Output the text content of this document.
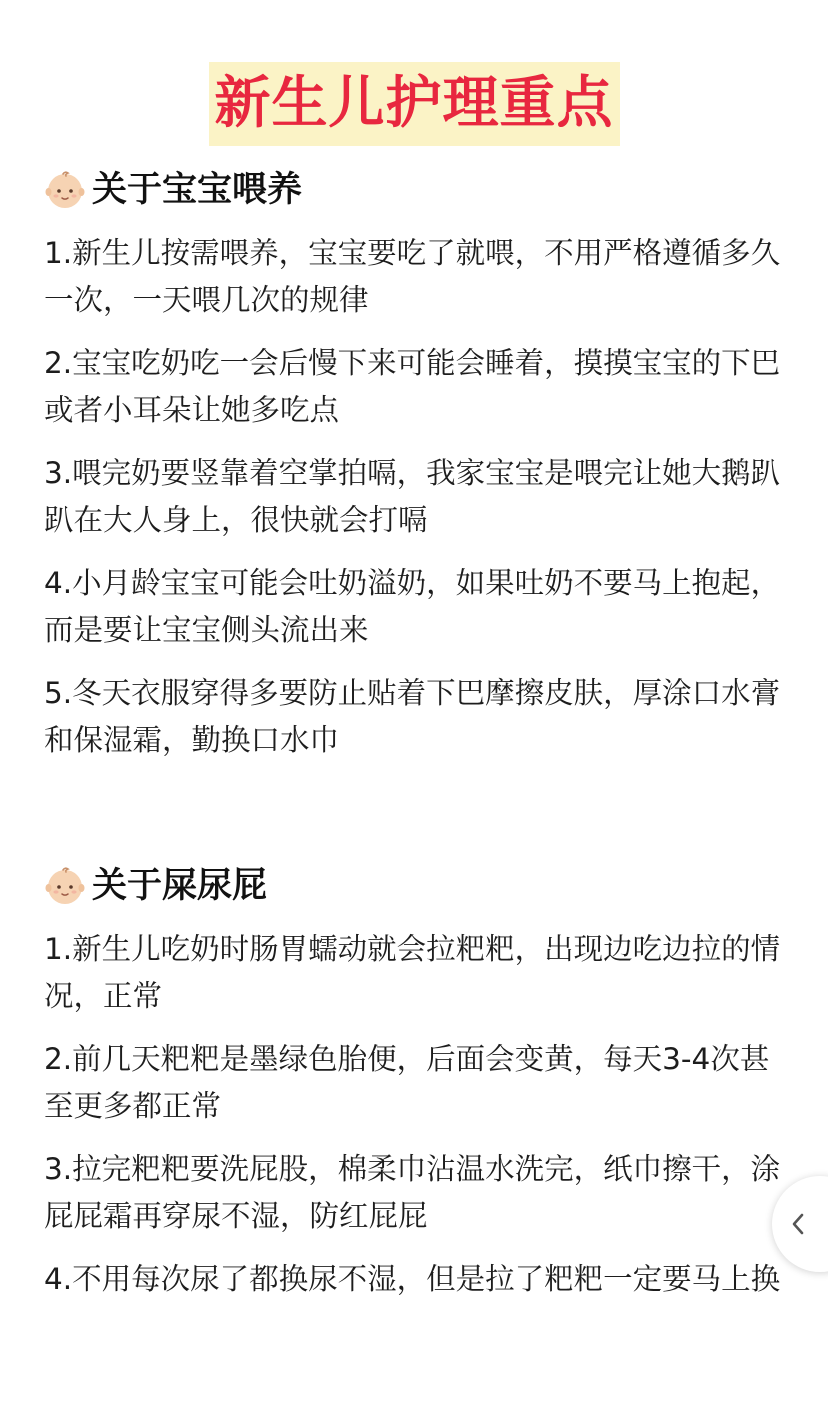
新生儿护理重点
关于宝宝喂养

1.新生儿按需喂养，宝宝要吃了就喂，不用严格遵循多久一次，一天喂几次的规律

2.宝宝吃奶吃一会后慢下来可能会睡着，摸摸宝宝的下巴或者小耳朵让她多吃点

3.喂完奶要竖靠着空掌拍嗝，我家宝宝是喂完让她大鹅趴趴在大人身上，很快就会打嗝

4.小月龄宝宝可能会吐奶溢奶，如果吐奶不要马上抱起，而是要让宝宝侧头流出来

5.冬天衣服穿得多要防止贴着下巴摩擦皮肤，厚涂口水膏和保湿霜，勤换口水巾

关于屎尿屁

1.新生儿吃奶时肠胃蠕动就会拉粑粑，出现边吃边拉的情况，正常

2.前几天粑粑是墨绿色胎便，后面会变黄，每天3-4次甚至更多都正常

3.拉完粑粑要洗屁股，棉柔巾沾温水洗完，纸巾擦干，涂屁屁霜再穿尿不湿，防红屁屁

4.不用每次尿了都换尿不湿，但是拉了粑粑一定要马上换
